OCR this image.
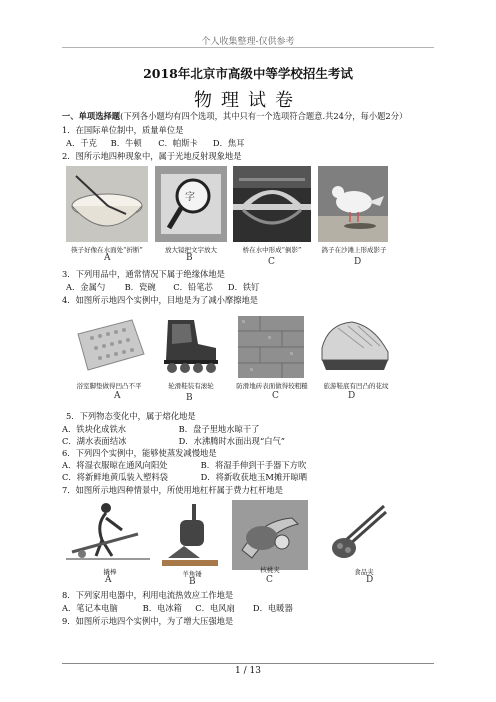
个人收集整理-仅供参考
2018年北京市高级中等学校招生考试
物理试卷
一、单项选择题(下列各小题均有四个选项，其中只有一个选项符合题意.共24分，每小题2分）
1．在国际单位制中，质量单位是
A．千克 B．牛顿 C．帕斯卡 D．焦耳
2．图所示地四种现象中，属于光地反射现象地是
字
筷子好像在水面处“折断”	放大镜把文字放大	桥在水中形成“倒影”	鸽子在沙滩上形成影子
A	B	C	D
3．下列用品中，通常情况下属于绝缘体地是
A．金属勺 B．瓷碗 C．铅笔芯 D．铁钉
4．如图所示地四个实例中，目地是为了减小摩擦地是
浴室脚垫做得凹凸不平	轮滑鞋装有滚轮	防滑地砖表面做得较粗糙	旅游鞋底有凹凸的花纹
A	B	C	D
5．下列物态变化中，属于熔化地是
A．铁块化成铁水	B．盘子里地水晾干了
C．湖水表面结冰	D．水沸腾时水面出现“白气”
6．下列四个实例中，能够使蒸发减慢地是
A．将湿衣服晾在通风向阳处	B．将湿手伸到干手器下方吹
C．将新鲜地黄瓜装入塑料袋	D．将新收获地玉M摊开晾晒
7．如图所示地四种情景中，所使用地杠杆属于费力杠杆地是
撬棒	羊角锤	核桃夹	食品夹
A	B	C	D
8．下列家用电器中，利用电流热效应工作地是
A．笔记本电脑	B．电冰箱 C．电风扇 D．电暖器
9．如图所示地四个实例中，为了增大压强地是
1 / 13
